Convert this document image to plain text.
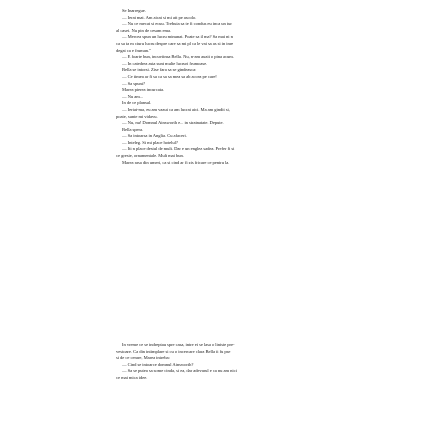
Se Inarregue.
— Ierat mat. Am aicat si mi att pe ascolo.
— Nu ce mecat si ecuu. Trebuia sa te fi condus eu inca un tur
al casei. Nu pin de cesam ema.
— Mercea spun un lucru minunat. Poate sa il ma? Sa mai ni n
ca sa ta m ciuru lucru despre care sa mi pl ca le vai sa as si in inre
degat ca e fruman."
— E foarte bun, incuviinsa Bella. Nu, n-am auzit o pina acum.
— In catedrea asta sunt multe lucruri frumoase.
Bella se intorsi. Zise fara sa se gindeasca:
— Ce timea ar fi sa ca sa sa mea sa ab accea pe care!
— Sa spuni?
Marea pierea incurcata.
— Nu am...
In de ce plansul.
— Iertat-ma, eu am vazut ca am lucrat aici. Ma am gindit si,
poate, sunte mi vidavu.
— Nu, nu! Domnul Ainsworth e... in strainatate. Depute.
Bella spera.
— Sa intoarsa in Anglia. Cu afaceri.
— Inteleg. Si mi place hotelul?
— Iti n place destul de mult. Dar e un englez sadea. Prefer fi si
ce gresie, ornamentale. Mult mai bun.
Marea rasa din umeri, ca si cind ar fi zis fricare ce pentru la.
In vreme ce se indreptau spre casa, intre ei se lasa o liniste pre-
vestoare. Ca din intimplare si cu o incercare clara Bella ii fu pse
si de ce cerare, Marea intreba:
— Cind se intoarce domnul Ainsworth?
— Sa se putea sa some cinda, si ea, dar adevarul e ca nu am nici
ce mai mica idee.
